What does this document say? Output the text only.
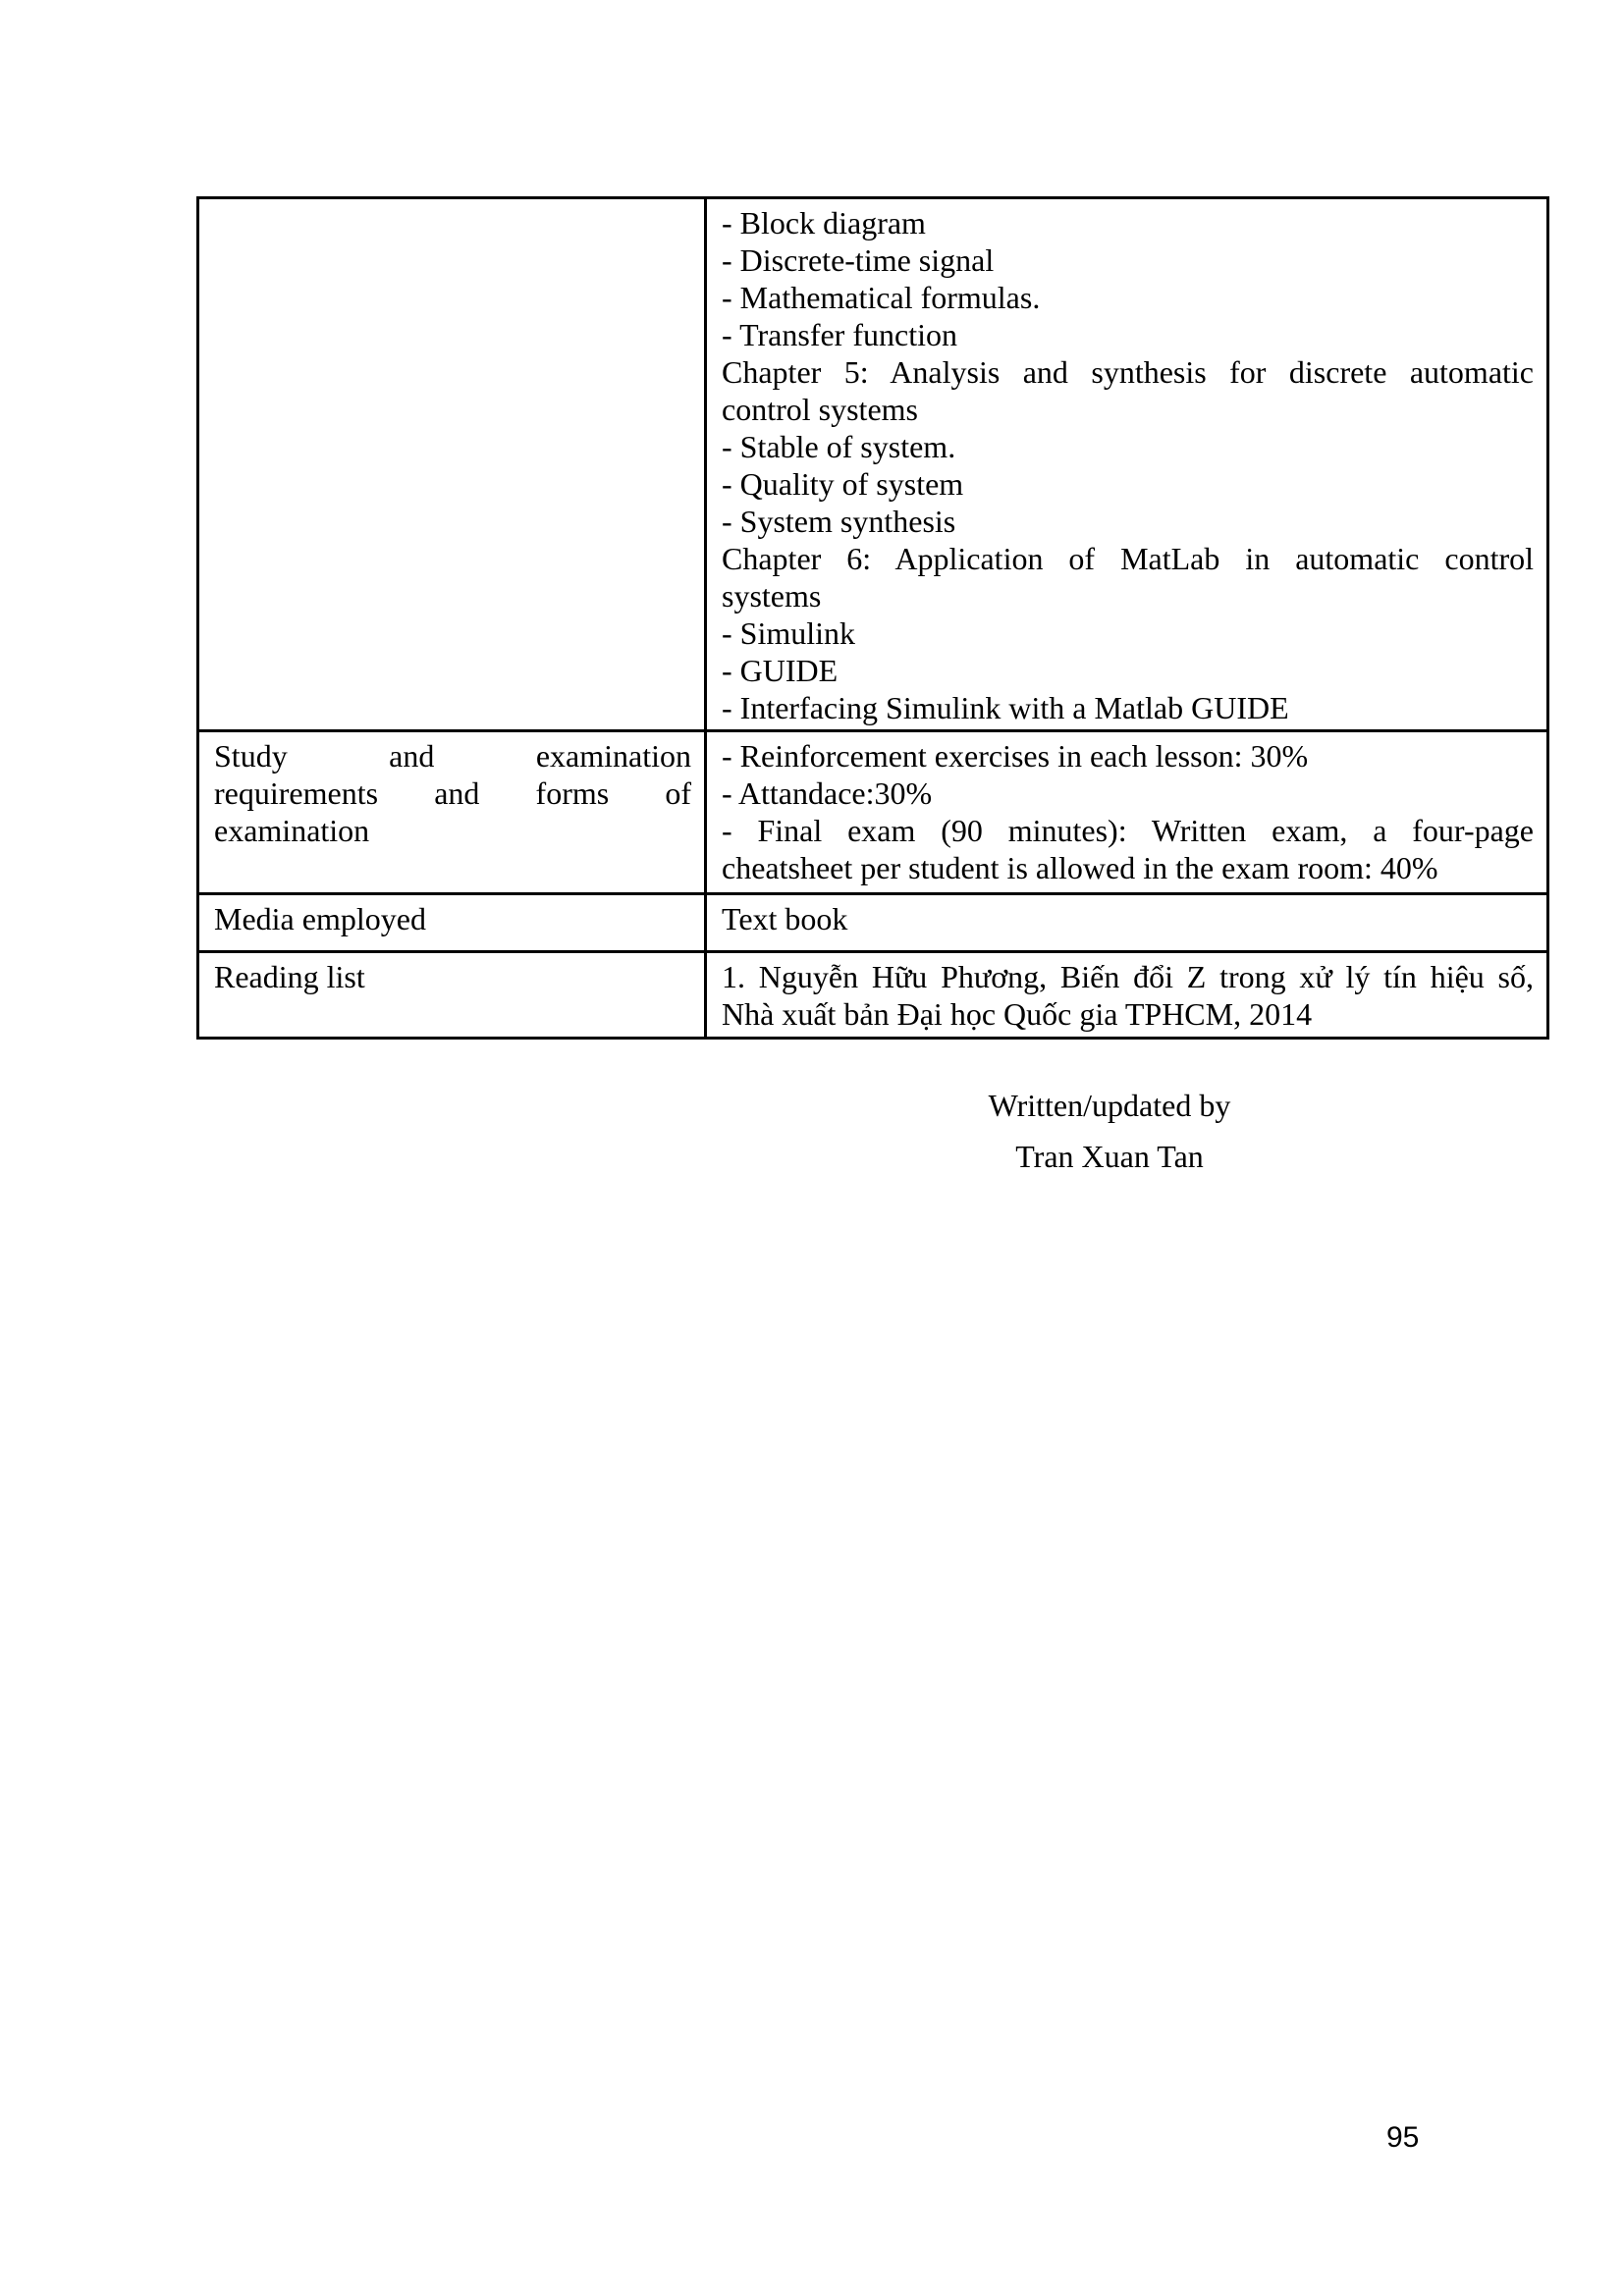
- Block diagram
- Discrete-time signal
- Mathematical formulas.
- Transfer function
Chapter 5: Analysis and synthesis for discrete automatic
control systems
- Stable of system.
- Quality of system
- System synthesis
Chapter 6: Application of MatLab in automatic control
systems
- Simulink
- GUIDE
- Interfacing Simulink with a Matlab GUIDE

Study and examination
requirements and forms of
examination	- Reinforcement exercises in each lesson: 30%
- Attandace:30%
- Final exam (90 minutes): Written exam, a four-page
cheatsheet per student is allowed in the exam room: 40%

Media employed	Text book

Reading list	1. Nguyễn Hữu Phương, Biến đổi Z trong xử lý tín hiệu số,
Nhà xuất bản Đại học Quốc gia TPHCM, 2014
Written/updated by
Tran Xuan Tan
95
